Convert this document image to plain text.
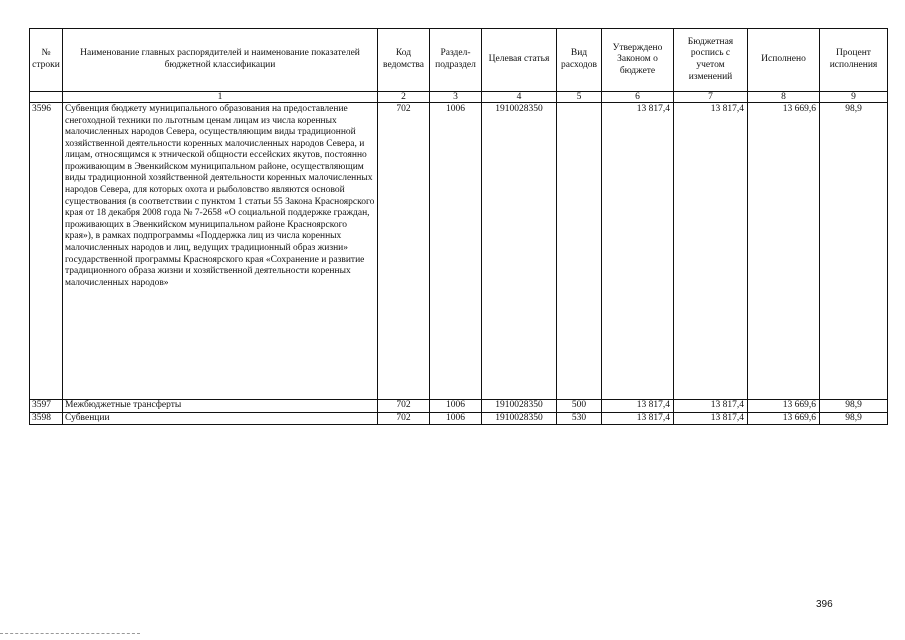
№ строки	Наименование главных распорядителей и наименование показателей бюджетной классификации	Код ведомства	Раздел-подраздел	Целевая статья	Вид расходов	Утверждено Законом о бюджете	Бюджетная роспись с учетом изменений	Исполнено	Процент исполнения
	1	2	3	4	5	6	7	8	9
3596	Субвенция бюджету муниципального образования на предоставление снегоходной техники по льготным ценам лицам из числа коренных малочисленных народов Севера, осуществляющим виды традиционной хозяйственной деятельности коренных малочисленных народов Севера, и лицам, относящимся к этнической общности ессейских якутов, постоянно проживающим в Эвенкийском муниципальном районе, осуществляющим виды традиционной хозяйственной деятельности коренных малочисленных народов Севера, для которых охота и рыболовство являются основой существования (в соответствии с пунктом 1 статьи 55 Закона Красноярского края от 18 декабря 2008 года № 7-2658 «О социальной поддержке граждан, проживающих в Эвенкийском муниципальном районе Красноярского края»), в рамках подпрограммы «Поддержка лиц из числа коренных малочисленных народов и лиц, ведущих традиционный образ жизни» государственной программы Красноярского края «Сохранение и развитие традиционного образа жизни и хозяйственной деятельности коренных малочисленных народов»	702	1006	1910028350		13 817,4	13 817,4	13 669,6	98,9
3597	Межбюджетные трансферты	702	1006	1910028350	500	13 817,4	13 817,4	13 669,6	98,9
3598	Субвенции	702	1006	1910028350	530	13 817,4	13 817,4	13 669,6	98,9
396
